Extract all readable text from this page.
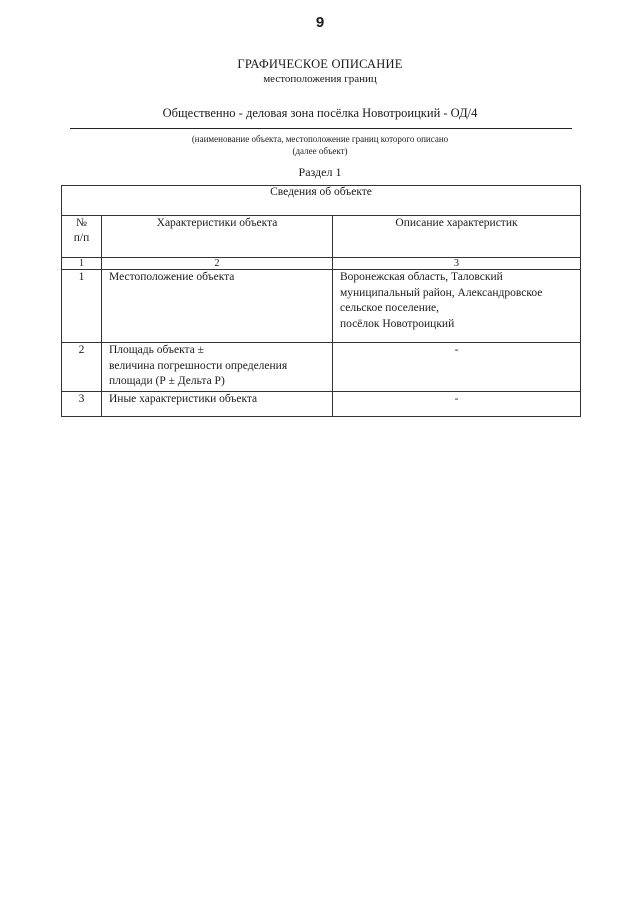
9
ГРАФИЧЕСКОЕ ОПИСАНИЕ
местоположения границ
Общественно - деловая зона посёлка Новотроицкий - ОД/4
(наименование объекта, местоположение границ которого описано
(далее объект)
Раздел 1
Сведения об объекте		

№
п/п	Характеристики объекта	Описание характеристик
1	2	3
1	Местоположение объекта	Воронежская область, Таловский
муниципальный район, Александровское
сельское поселение,
посёлок Новотроицкий

2	Площадь объекта ±
величина погрешности определения
площади (Р ± Дельта Р)	-
3	Иные характеристики объекта	-
